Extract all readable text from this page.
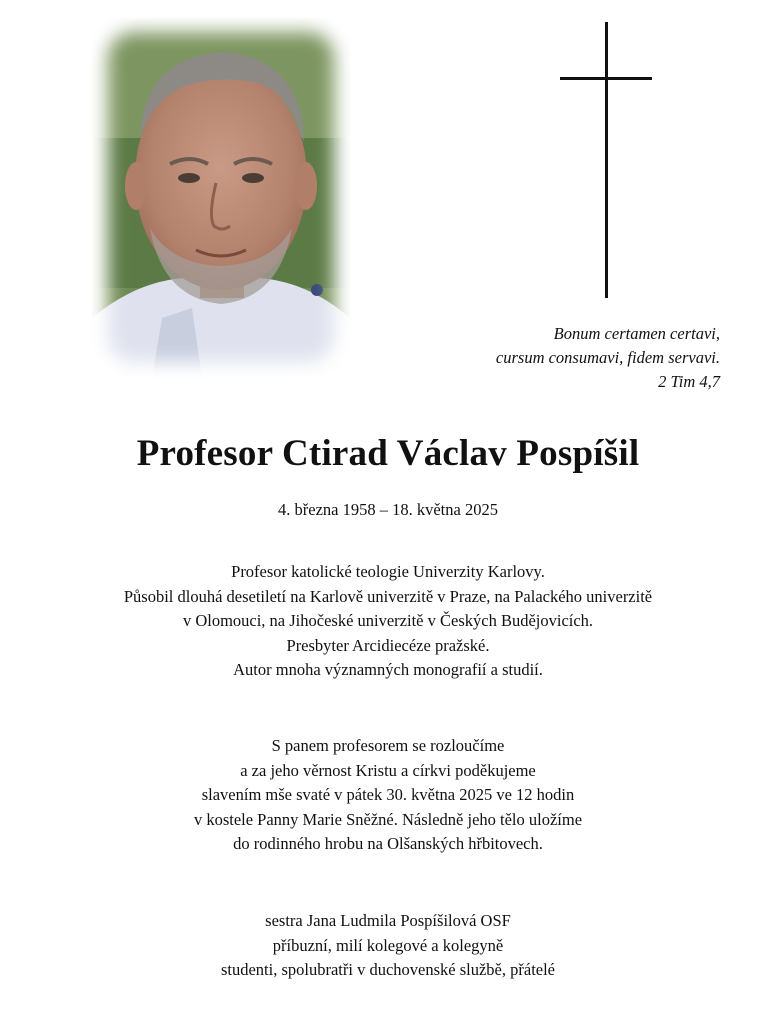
Bonum certamen certavi,
cursum consumavi, fidem servavi.
2 Tim 4,7
Profesor Ctirad Václav Pospíšil
4. března 1958 – 18. května 2025
Profesor katolické teologie Univerzity Karlovy.
Působil dlouhá desetiletí na Karlově univerzitě v Praze, na Palackého univerzitě
v Olomouci, na Jihočeské univerzitě v Českých Budějovicích.
Presbyter Arcidiecéze pražské.
Autor mnoha významných monografií a studií.
S panem profesorem se rozloučíme
a za jeho věrnost Kristu a církvi poděkujeme
slavením mše svaté v pátek 30. května 2025 ve 12 hodin
v kostele Panny Marie Sněžné. Následně jeho tělo uložíme
do rodinného hrobu na Olšanských hřbitovech.
sestra Jana Ludmila Pospíšilová OSF
příbuzní, milí kolegové a kolegyně
studenti, spolubratři v duchovenské službě, přátelé
